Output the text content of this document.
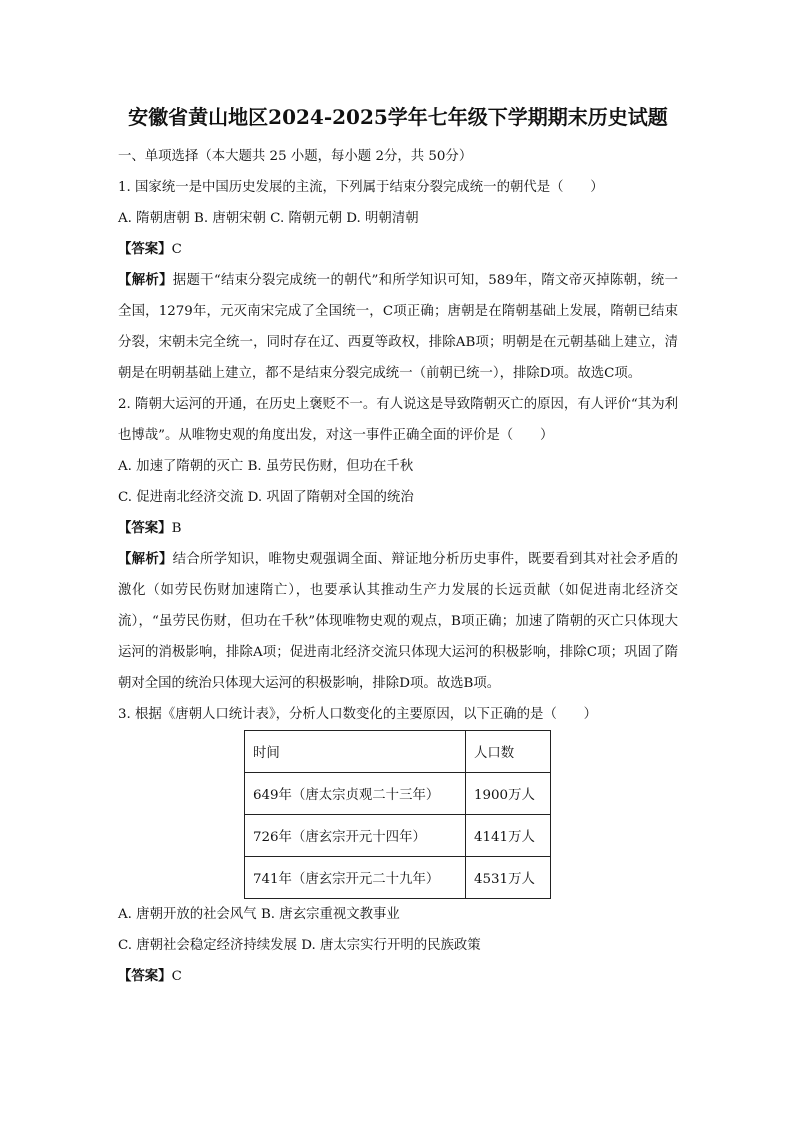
安徽省黄山地区2024-2025学年七年级下学期期末历史试题

一、单项选择（本大题共 25 小题，每小题 2分，共 50分）

1. 国家统一是中国历史发展的主流，下列属于结束分裂完成统一的朝代是（　　）

A. 隋朝唐朝 B. 唐朝宋朝 C. 隋朝元朝 D. 明朝清朝

【答案】C

【解析】据题干“结束分裂完成统一的朝代”和所学知识可知，589年，隋文帝灭掉陈朝，统一全国，1279年，元灭南宋完成了全国统一，C项正确；唐朝是在隋朝基础上发展，隋朝已结束分裂，宋朝未完全统一，同时存在辽、西夏等政权，排除AB项；明朝是在元朝基础上建立，清朝是在明朝基础上建立，都不是结束分裂完成统一（前朝已统一），排除D项。故选C项。

2. 隋朝大运河的开通，在历史上褒贬不一。有人说这是导致隋朝灭亡的原因，有人评价“其为利也博哉”。从唯物史观的角度出发，对这一事件正确全面的评价是（　　）

A. 加速了隋朝的灭亡 B. 虽劳民伤财，但功在千秋

C. 促进南北经济交流 D. 巩固了隋朝对全国的统治

【答案】B

【解析】结合所学知识，唯物史观强调全面、辩证地分析历史事件，既要看到其对社会矛盾的激化（如劳民伤财加速隋亡），也要承认其推动生产力发展的长远贡献（如促进南北经济交流），“虽劳民伤财，但功在千秋”体现唯物史观的观点，B项正确；加速了隋朝的灭亡只体现大运河的消极影响，排除A项；促进南北经济交流只体现大运河的积极影响，排除C项；巩固了隋朝对全国的统治只体现大运河的积极影响，排除D项。故选B项。

3. 根据《唐朝人口统计表》，分析人口数变化的主要原因，以下正确的是（　　）

时间	人口数
649年（唐太宗贞观二十三年）	1900万人
726年（唐玄宗开元十四年）	4141万人
741年（唐玄宗开元二十九年）	4531万人

A. 唐朝开放的社会风气 B. 唐玄宗重视文教事业

C. 唐朝社会稳定经济持续发展 D. 唐太宗实行开明的民族政策

【答案】C
